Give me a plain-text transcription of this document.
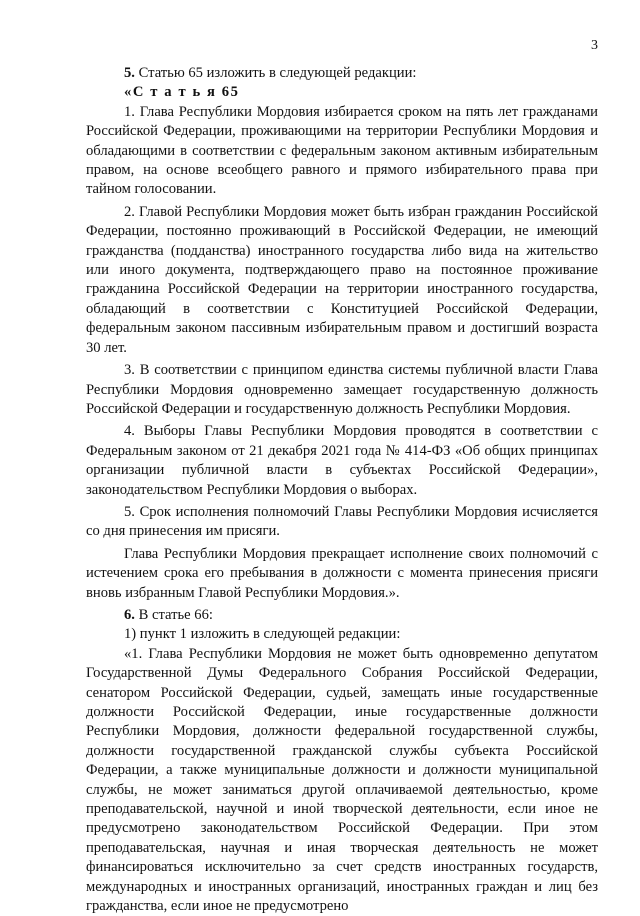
3

5. Статью 65 изложить в следующей редакции:

«С т а т ь я 65

1. Глава Республики Мордовия избирается сроком на пять лет гражданами Российской Федерации, проживающими на территории Республики Мордовия и обладающими в соответствии с федеральным законом активным избирательным правом, на основе всеобщего равного и прямого избирательного права при тайном голосовании.

2. Главой Республики Мордовия может быть избран гражданин Российской Федерации, постоянно проживающий в Российской Федерации, не имеющий гражданства (подданства) иностранного государства либо вида на жительство или иного документа, подтверждающего право на постоянное проживание гражданина Российской Федерации на территории иностранного государства, обладающий в соответствии с Конституцией Российской Федерации, федеральным законом пассивным избирательным правом и достигший возраста 30 лет.

3. В соответствии с принципом единства системы публичной власти Глава Республики Мордовия одновременно замещает государственную должность Российской Федерации и государственную должность Республики Мордовия.

4. Выборы Главы Республики Мордовия проводятся в соответствии с Федеральным законом от 21 декабря 2021 года № 414-ФЗ «Об общих принципах организации публичной власти в субъектах Российской Федерации», законодательством Республики Мордовия о выборах.

5. Срок исполнения полномочий Главы Республики Мордовия исчисляется со дня принесения им присяги.

Глава Республики Мордовия прекращает исполнение своих полномочий с истечением срока его пребывания в должности с момента принесения присяги вновь избранным Главой Республики Мордовия.».

6. В статье 66:

1) пункт 1 изложить в следующей редакции:

«1. Глава Республики Мордовия не может быть одновременно депутатом Государственной Думы Федерального Собрания Российской Федерации, сенатором Российской Федерации, судьей, замещать иные государственные должности Российской Федерации, иные государственные должности Республики Мордовия, должности федеральной государственной службы, должности государственной гражданской службы субъекта Российской Федерации, а также муниципальные должности и должности муниципальной службы, не может заниматься другой оплачиваемой деятельностью, кроме преподавательской, научной и иной творческой деятельности, если иное не предусмотрено законодательством Российской Федерации. При этом преподавательская, научная и иная творческая деятельность не может финансироваться исключительно за счет средств иностранных государств, международных и иностранных организаций, иностранных граждан и лиц без гражданства, если иное не предусмотрено
